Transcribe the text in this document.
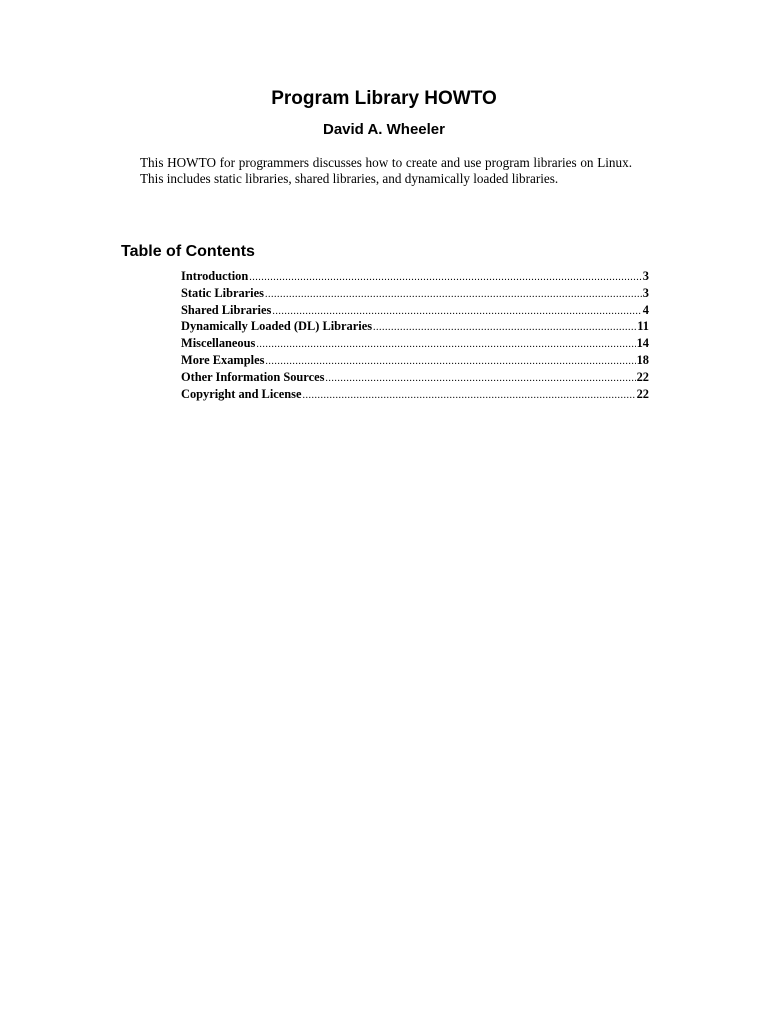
Program Library HOWTO
David A. Wheeler
This HOWTO for programmers discusses how to create and use program libraries on Linux. This includes static libraries, shared libraries, and dynamically loaded libraries.
Table of Contents
Introduction .....	3
Static Libraries .....	3
Shared Libraries .....	4
Dynamically Loaded (DL) Libraries .....	11
Miscellaneous .....	14
More Examples .....	18
Other Information Sources .....	22
Copyright and License .....	22
